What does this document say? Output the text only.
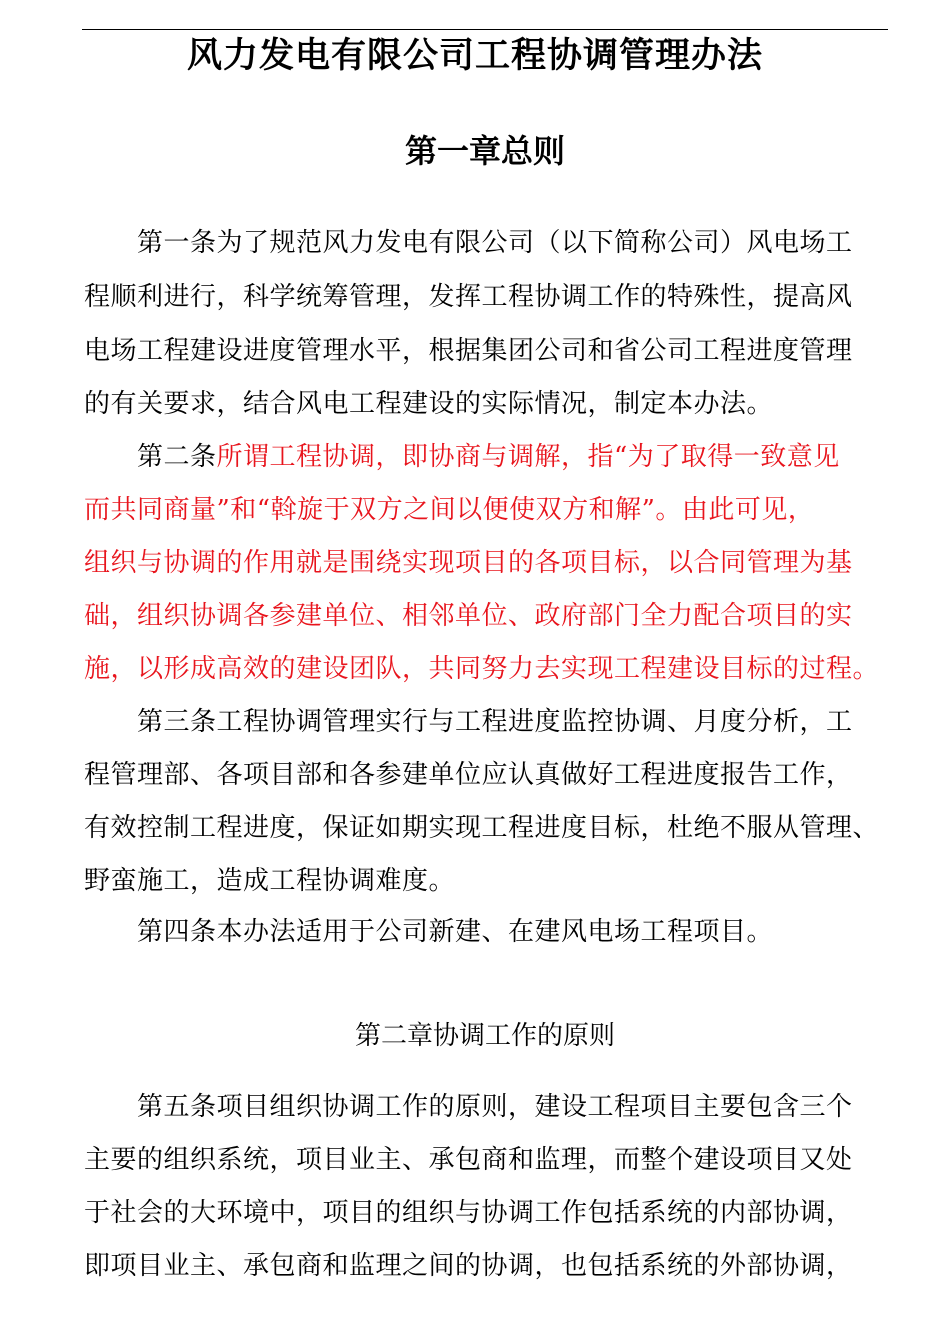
风力发电有限公司工程协调管理办法
第一章总则
第一条为了规范风力发电有限公司（以下简称公司）风电场工
程顺利进行，科学统筹管理，发挥工程协调工作的特殊性，提高风
电场工程建设进度管理水平，根据集团公司和省公司工程进度管理
的有关要求，结合风电工程建设的实际情况，制定本办法。
第二条所谓工程协调，即协商与调解，指“为了取得一致意见
而共同商量”和“斡旋于双方之间以便使双方和解”。由此可见，
组织与协调的作用就是围绕实现项目的各项目标，以合同管理为基
础，组织协调各参建单位、相邻单位、政府部门全力配合项目的实
施，以形成高效的建设团队，共同努力去实现工程建设目标的过程。
第三条工程协调管理实行与工程进度监控协调、月度分析，工
程管理部、各项目部和各参建单位应认真做好工程进度报告工作，
有效控制工程进度，保证如期实现工程进度目标，杜绝不服从管理、
野蛮施工，造成工程协调难度。
第四条本办法适用于公司新建、在建风电场工程项目。
第二章协调工作的原则
第五条项目组织协调工作的原则，建设工程项目主要包含三个
主要的组织系统，项目业主、承包商和监理，而整个建设项目又处
于社会的大环境中，项目的组织与协调工作包括系统的内部协调，
即项目业主、承包商和监理之间的协调，也包括系统的外部协调，
